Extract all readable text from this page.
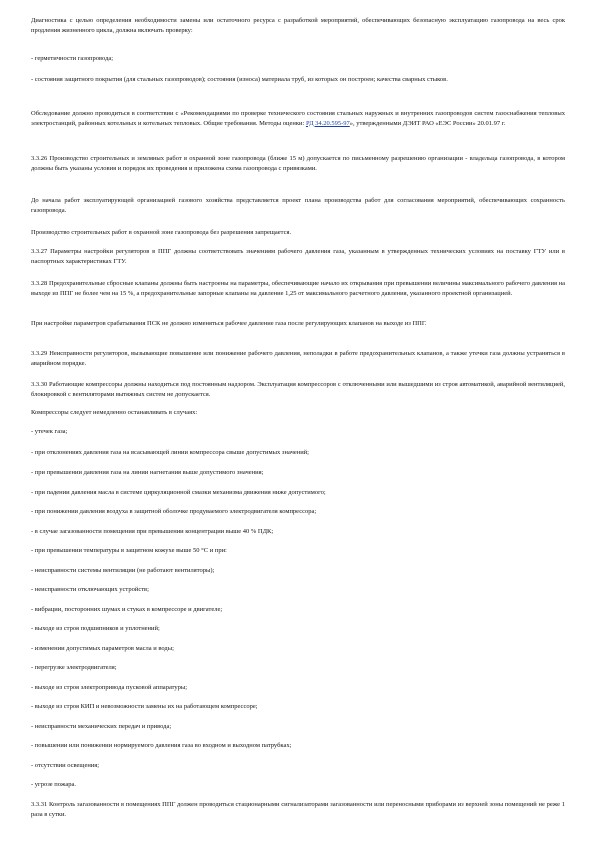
Диагностика с целью определения необходимости замены или остаточного ресурса с разработкой мероприятий, обеспечивающих безопасную эксплуатацию газопровода на весь срок продления жизненного цикла, должна включать проверку:

- герметичности газопровода;

- состояния защитного покрытия (для стальных газопроводов); состояния (износа) материала труб, из которых он построен; качества сварных стыков.

Обследование должно проводиться в соответствии с «Рекомендациями по проверке технического состояния стальных наружных и внутренних газопроводов систем газоснабжения тепловых электростанций, районных котельных и котельных тепловых. Общие требования. Методы оценки: РД 34.20.595-97», утвержденными ДЭИТ РАО «ЕЭС России» 20.01.97 г.

3.3.26 Производство строительных и земляных работ в охранной зоне газопровода (ближе 15 м) допускается по письменному разрешению организации - владельца газопровода, в котором должны быть указаны условия и порядок их проведения и приложена схема газопровода с привязками.

До начала работ эксплуатирующей организацией газового хозяйства представляется проект плана производства работ для согласования мероприятий, обеспечивающих сохранность газопровода.

Производство строительных работ в охранной зоне газопровода без разрешения запрещается.

3.3.27 Параметры настройки регуляторов в ППГ должны соответствовать значениям рабочего давления газа, указанным в утвержденных технических условиях на поставку ГТУ или в паспортных характеристиках ГТУ.

3.3.28 Предохранительные сбросные клапаны должны быть настроены на параметры, обеспечивающие начало их открывания при превышении величины максимального рабочего давления на выходе из ППГ не более чем на 15 %, а предохранительные запорные клапаны на давление 1,25 от максимального расчетного давления, указанного проектной организацией.

При настройке параметров срабатывания ПСК не должно изменяться рабочее давление газа после регулирующих клапанов на выходе из ППГ.

3.3.29 Неисправности регуляторов, вызывающие повышение или понижение рабочего давления, неполадки в работе предохранительных клапанов, а также утечки газа должны устраняться в аварийном порядке.

3.3.30 Работающие компрессоры должны находиться под постоянным надзором. Эксплуатация компрессоров с отключенными или вышедшими из строя автоматикой, аварийной вентиляцией, блокировкой с вентиляторами вытяжных систем не допускается.

Компрессоры следует немедленно останавливать в случаях:

- утечек газа;

- при отклонениях давления газа на всасывающей линии компрессора свыше допустимых значений;

- при превышении давления газа на линии нагнетания выше допустимого значения;

- при падении давления масла в системе циркуляционной смазки механизма движения ниже допустимого;

- при понижении давления воздуха в защитной оболочке продуваемого электродвигателя компрессора;

- в случае загазованности помещения при превышении концентрации выше 40 % ПДК;

- при превышении температуры в защитном кожухе выше 50 °С и при:

- неисправности системы вентиляции (не работают вентиляторы);

- неисправности отключающих устройств;

- вибрации, посторонних шумах и стуках в компрессоре и двигателе;

- выходе из строя подшипников и уплотнений;

- изменении допустимых параметров масла и воды;

- перегрузке электродвигателя;

- выходе из строя электропривода пусковой аппаратуры;

- выходе из строя КИП и невозможности замены их на работающем компрессоре;

- неисправности механических передач и привода;

- повышении или понижении нормируемого давления газа во входном и выходном патрубках;

- отсутствии освещения;

- угрозе пожара.

3.3.31 Контроль загазованности в помещениях ППГ должен проводиться стационарными сигнализаторами загазованности или переносными приборами из верхней зоны помещений не реже 1 раза в сутки.
